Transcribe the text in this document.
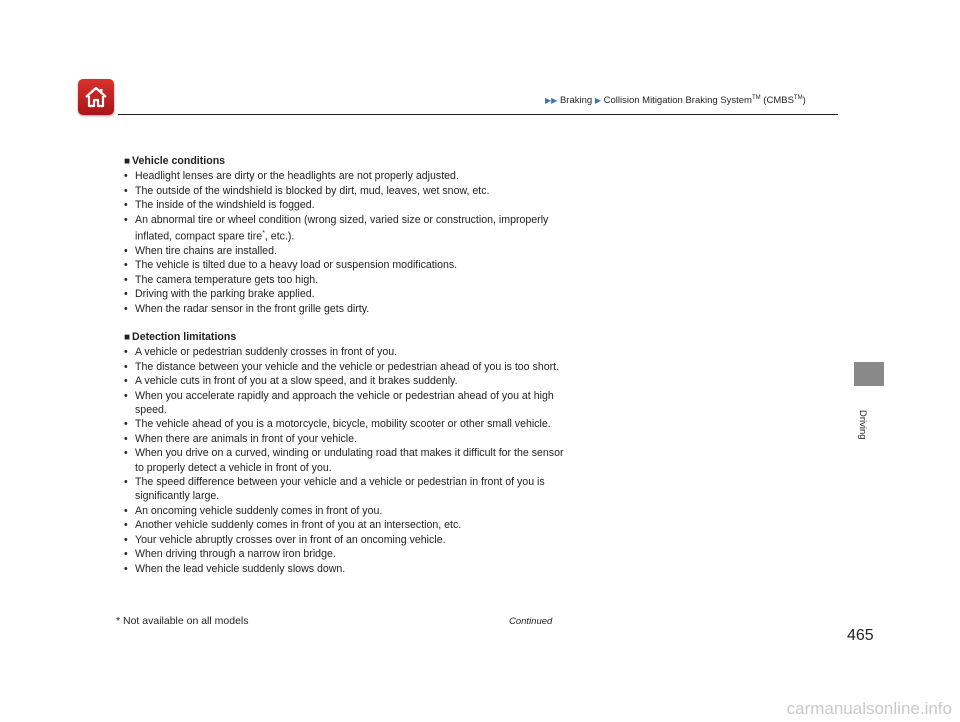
▶▶ Braking ▶ Collision Mitigation Braking System™ (CMBS™)

■ Vehicle conditions

• Headlight lenses are dirty or the headlights are not properly adjusted.
• The outside of the windshield is blocked by dirt, mud, leaves, wet snow, etc.
• The inside of the windshield is fogged.
• An abnormal tire or wheel condition (wrong sized, varied size or construction, improperly inflated, compact spare tire*, etc.).
• When tire chains are installed.
• The vehicle is tilted due to a heavy load or suspension modifications.
• The camera temperature gets too high.
• Driving with the parking brake applied.
• When the radar sensor in the front grille gets dirty.

■ Detection limitations

• A vehicle or pedestrian suddenly crosses in front of you.
• The distance between your vehicle and the vehicle or pedestrian ahead of you is too short.
• A vehicle cuts in front of you at a slow speed, and it brakes suddenly.
• When you accelerate rapidly and approach the vehicle or pedestrian ahead of you at high speed.
• The vehicle ahead of you is a motorcycle, bicycle, mobility scooter or other small vehicle.
• When there are animals in front of your vehicle.
• When you drive on a curved, winding or undulating road that makes it difficult for the sensor to properly detect a vehicle in front of you.
• The speed difference between your vehicle and a vehicle or pedestrian in front of you is significantly large.
• An oncoming vehicle suddenly comes in front of you.
• Another vehicle suddenly comes in front of you at an intersection, etc.
• Your vehicle abruptly crosses over in front of an oncoming vehicle.
• When driving through a narrow iron bridge.
• When the lead vehicle suddenly slows down.
Driving
* Not available on all models	Continued
465
carmanualsonline.info
